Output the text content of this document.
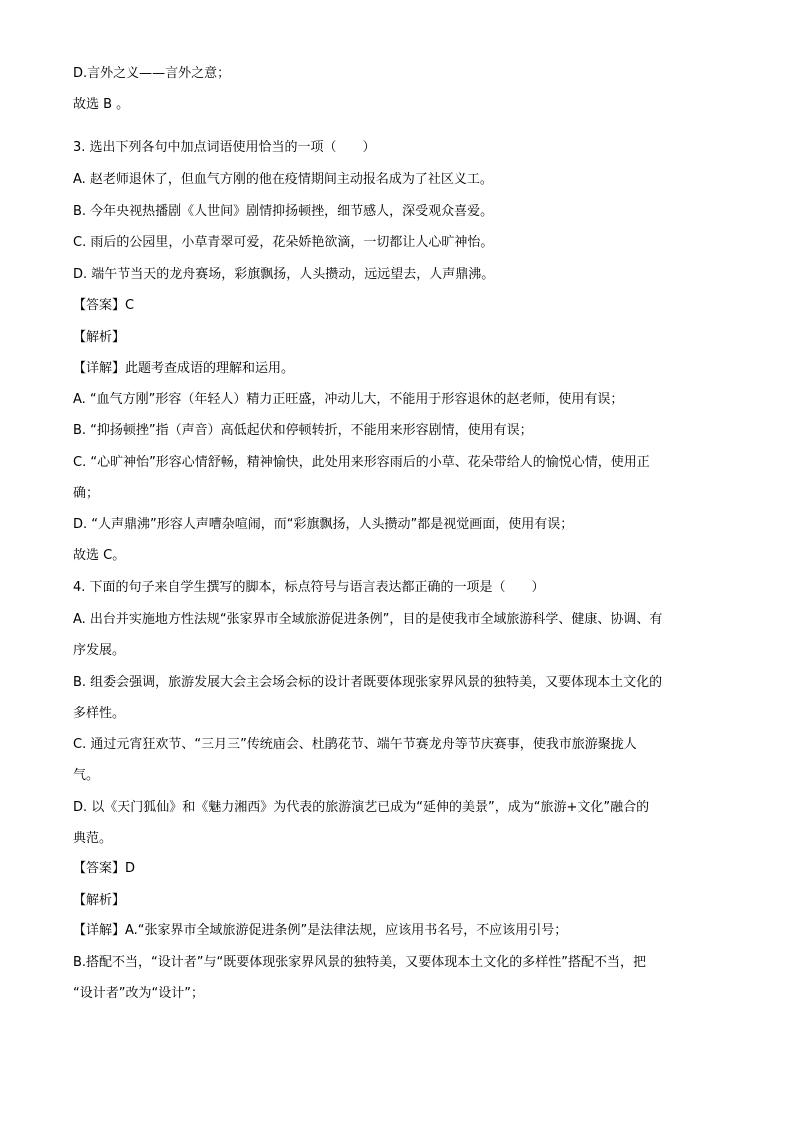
D.言外之义——言外之意；
故选 B 。
3. 选出下列各句中加点词语使用恰当的一项（　　）
A. 赵老师退休了，但血气方刚的他在疫情期间主动报名成为了社区义工。
B. 今年央视热播剧《人世间》剧情抑扬顿挫，细节感人，深受观众喜爱。
C. 雨后的公园里，小草青翠可爱，花朵娇艳欲滴，一切都让人心旷神怡。
D. 端午节当天的龙舟赛场，彩旗飘扬，人头攒动，远远望去，人声鼎沸。
【答案】C
【解析】
【详解】此题考查成语的理解和运用。
A. “血气方刚”形容（年轻人）精力正旺盛，冲动儿大，不能用于形容退休的赵老师，使用有误；
B. “抑扬顿挫”指（声音）高低起伏和停顿转折，不能用来形容剧情，使用有误；
C. “心旷神怡”形容心情舒畅，精神愉快，此处用来形容雨后的小草、花朵带给人的愉悦心情，使用正
确；
D. “人声鼎沸”形容人声嘈杂喧闹，而“彩旗飘扬，人头攒动”都是视觉画面，使用有误；
故选 C。
4. 下面的句子来自学生撰写的脚本，标点符号与语言表达都正确的一项是（　　）
A. 出台并实施地方性法规“张家界市全域旅游促进条例”，目的是使我市全域旅游科学、健康、协调、有
序发展。
B. 组委会强调，旅游发展大会主会场会标的设计者既要体现张家界风景的独特美，又要体现本土文化的
多样性。
C. 通过元宵狂欢节、“三月三”传统庙会、杜鹃花节、端午节赛龙舟等节庆赛事，使我市旅游聚拢人
气。
D. 以《天门狐仙》和《魅力湘西》为代表的旅游演艺已成为“延伸的美景”，成为“旅游+文化”融合的
典范。
【答案】D
【解析】
【详解】A.“张家界市全域旅游促进条例”是法律法规，应该用书名号，不应该用引号；
B.搭配不当，“设计者”与“既要体现张家界风景的独特美，又要体现本土文化的多样性”搭配不当，把
“设计者”改为“设计”；
